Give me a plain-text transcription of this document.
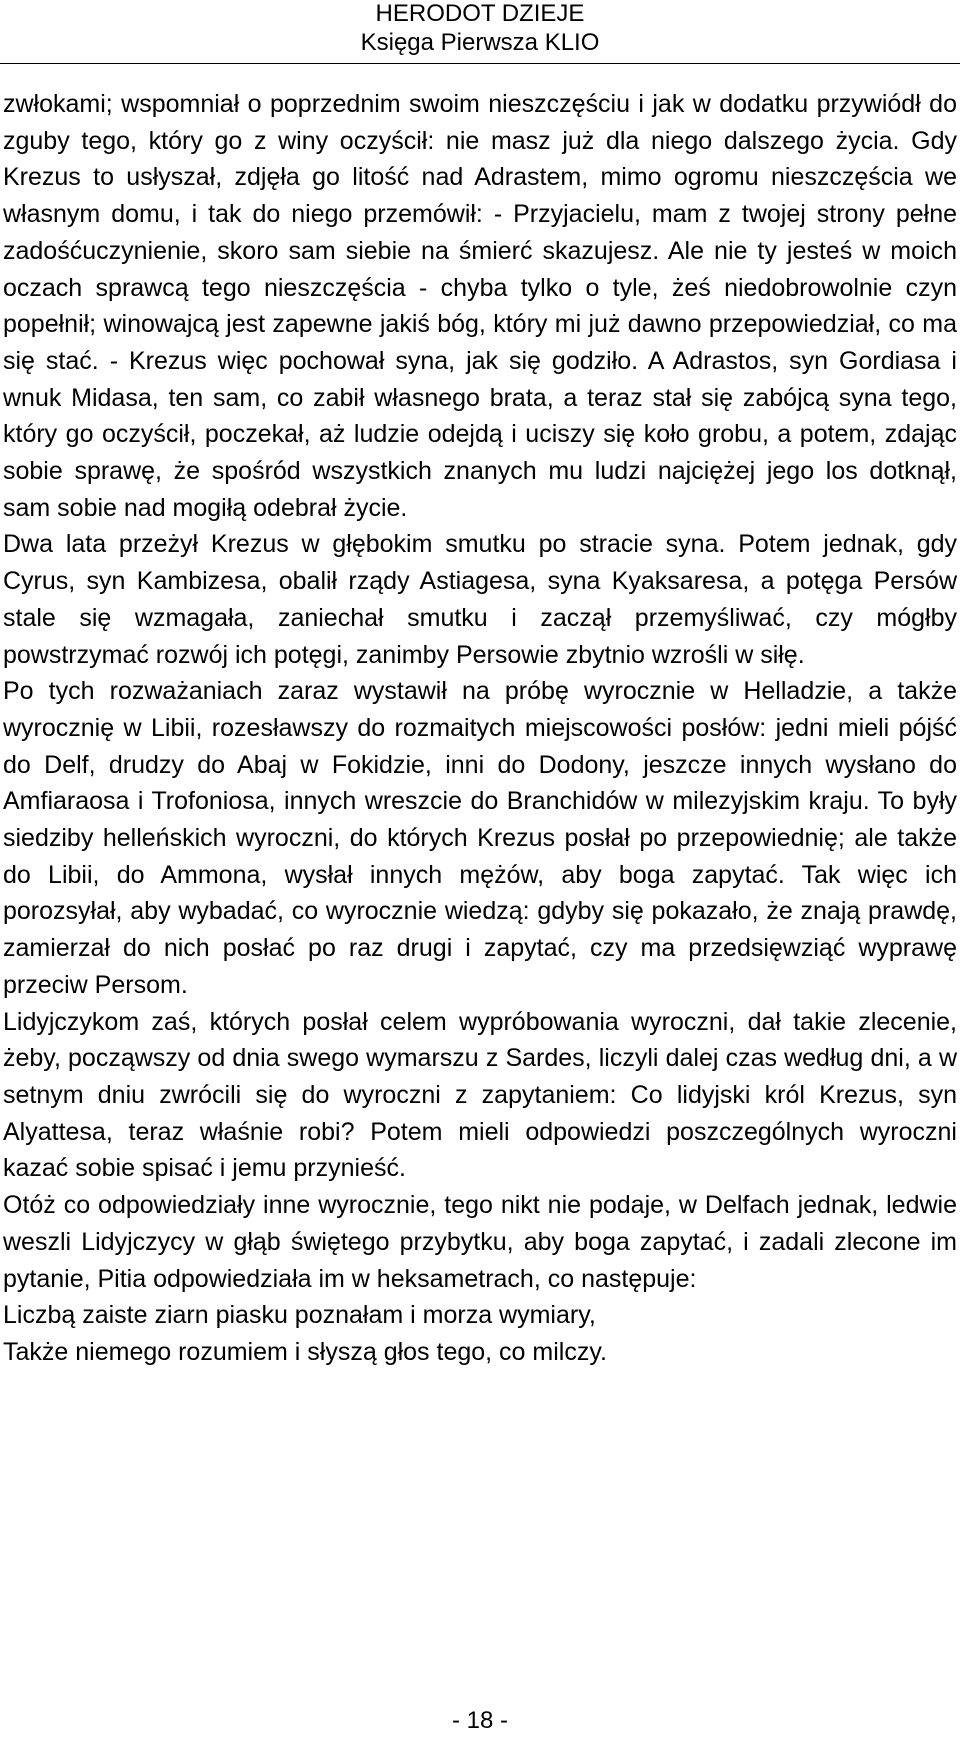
HERODOT DZIEJE
Księga Pierwsza KLIO

zwłokami; wspomniał o poprzednim swoim nieszczęściu i jak w dodatku przywiódł do zguby tego, który go z winy oczyścił: nie masz już dla niego dalszego życia. Gdy Krezus to usłyszał, zdjęła go litość nad Adrastem, mimo ogromu nieszczęścia we własnym domu, i tak do niego przemówił: - Przyjacielu, mam z twojej strony pełne zadośćuczynienie, skoro sam siebie na śmierć skazujesz. Ale nie ty jesteś w moich oczach sprawcą tego nieszczęścia - chyba tylko o tyle, żeś niedobrowolnie czyn popełnił; winowajcą jest zapewne jakiś bóg, który mi już dawno przepowiedział, co ma się stać. - Krezus więc pochował syna, jak się godziło. A Adrastos, syn Gordiasa i wnuk Midasa, ten sam, co zabił własnego brata, a teraz stał się zabójcą syna tego, który go oczyścił, poczekał, aż ludzie odejdą i uciszy się koło grobu, a potem, zdając sobie sprawę, że spośród wszystkich znanych mu ludzi najciężej jego los dotknął, sam sobie nad mogiłą odebrał życie.

Dwa lata przeżył Krezus w głębokim smutku po stracie syna. Potem jednak, gdy Cyrus, syn Kambizesa, obalił rządy Astiagesa, syna Kyaksaresa, a potęga Persów stale się wzmagała, zaniechał smutku i zaczął przemyśliwać, czy mógłby powstrzymać rozwój ich potęgi, zanimby Persowie zbytnio wzrośli w siłę.

Po tych rozważaniach zaraz wystawił na próbę wyrocznie w Helladzie, a także wyrocznię w Libii, rozesławszy do rozmaitych miejscowości posłów: jedni mieli pójść do Delf, drudzy do Abaj w Fokidzie, inni do Dodony, jeszcze innych wysłano do Amfiaraosa i Trofoniosa, innych wreszcie do Branchidów w milezyjskim kraju. To były siedziby helleńskich wyroczni, do których Krezus posłał po przepowiednię; ale także do Libii, do Ammona, wysłał innych mężów, aby boga zapytać. Tak więc ich porozsyłał, aby wybadać, co wyrocznie wiedzą: gdyby się pokazało, że znają prawdę, zamierzał do nich posłać po raz drugi i zapytać, czy ma przedsięwziąć wyprawę przeciw Persom.

Lidyjczykom zaś, których posłał celem wypróbowania wyroczni, dał takie zlecenie, żeby, począwszy od dnia swego wymarszu z Sardes, liczyli dalej czas według dni, a w setnym dniu zwrócili się do wyroczni z zapytaniem: Co lidyjski król Krezus, syn Alyattesa, teraz właśnie robi? Potem mieli odpowiedzi poszczególnych wyroczni kazać sobie spisać i jemu przynieść.

Otóż co odpowiedziały inne wyrocznie, tego nikt nie podaje, w Delfach jednak, ledwie weszli Lidyjczycy w głąb świętego przybytku, aby boga zapytać, i zadali zlecone im pytanie, Pitia odpowiedziała im w heksametrach, co następuje:

Liczbą zaiste ziarn piasku poznałam i morza wymiary,

Także niemego rozumiem i słyszą głos tego, co milczy.

- 18 -
